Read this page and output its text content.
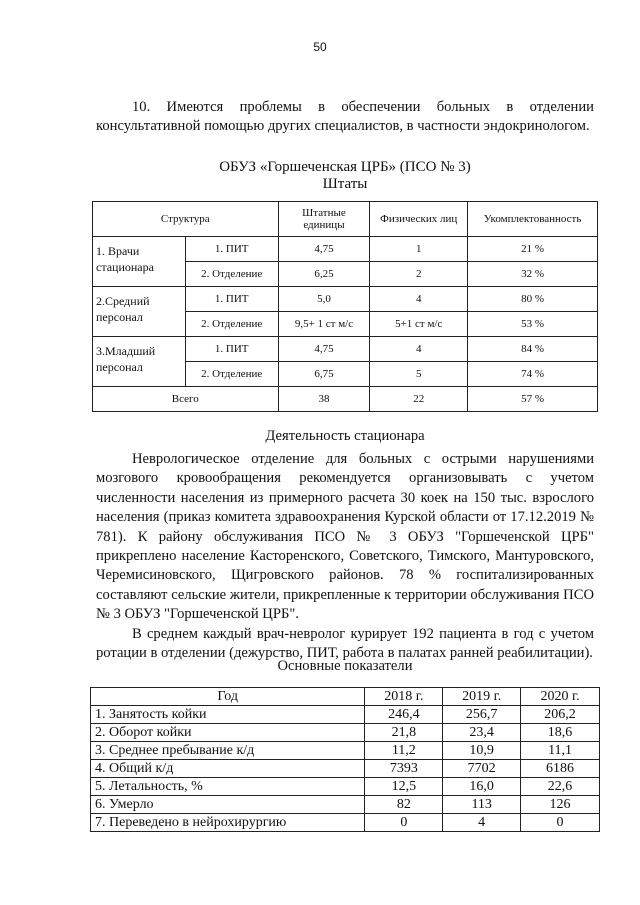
50
10. Имеются проблемы в обеспечении больных в отделении консультативной помощью других специалистов, в частности эндокринологом.
ОБУЗ «Горшеченская ЦРБ» (ПСО № 3)
Штаты
Структура		Штатные единицы	Физических лиц	Укомплектованность
1. Врачи стационара	1. ПИТ	4,75	1	21 %
	2. Отделение	6,25	2	32 %
2.Средний персонал	1. ПИТ	5,0	4	80 %
	2. Отделение	9,5+ 1 ст м/с	5+1 ст м/с	53 %
3.Младший персонал	1. ПИТ	4,75	4	84 %
	2. Отделение	6,75	5	74 %
Всего		38	22	57 %
Деятельность стационара

Неврологическое отделение для больных с острыми нарушениями мозгового кровообращения рекомендуется организовывать с учетом численности населения из примерного расчета 30 коек на 150 тыс. взрослого населения (приказ комитета здравоохранения Курской области от 17.12.2019 № 781). К району обслуживания ПСО № 3 ОБУЗ "Горшеченской ЦРБ" прикреплено население Касторенского, Советского, Тимского, Мантуровского, Черемисиновского, Щигровского районов. 78 % госпитализированных составляют сельские жители, прикрепленные к территории обслуживания ПСО № 3 ОБУЗ "Горшеченской ЦРБ".

В среднем каждый врач-невролог курирует 192 пациента в год с учетом ротации в отделении (дежурство, ПИТ, работа в палатах ранней реабилитации).

Основные показатели
Год	2018 г.	2019 г.	2020 г.
1. Занятость койки	246,4	256,7	206,2
2. Оборот койки	21,8	23,4	18,6
3. Среднее пребывание к/д	11,2	10,9	11,1
4. Общий к/д	7393	7702	6186
5. Летальность, %	12,5	16,0	22,6
6. Умерло	82	113	126
7. Переведено в нейрохирургию	0	4	0
